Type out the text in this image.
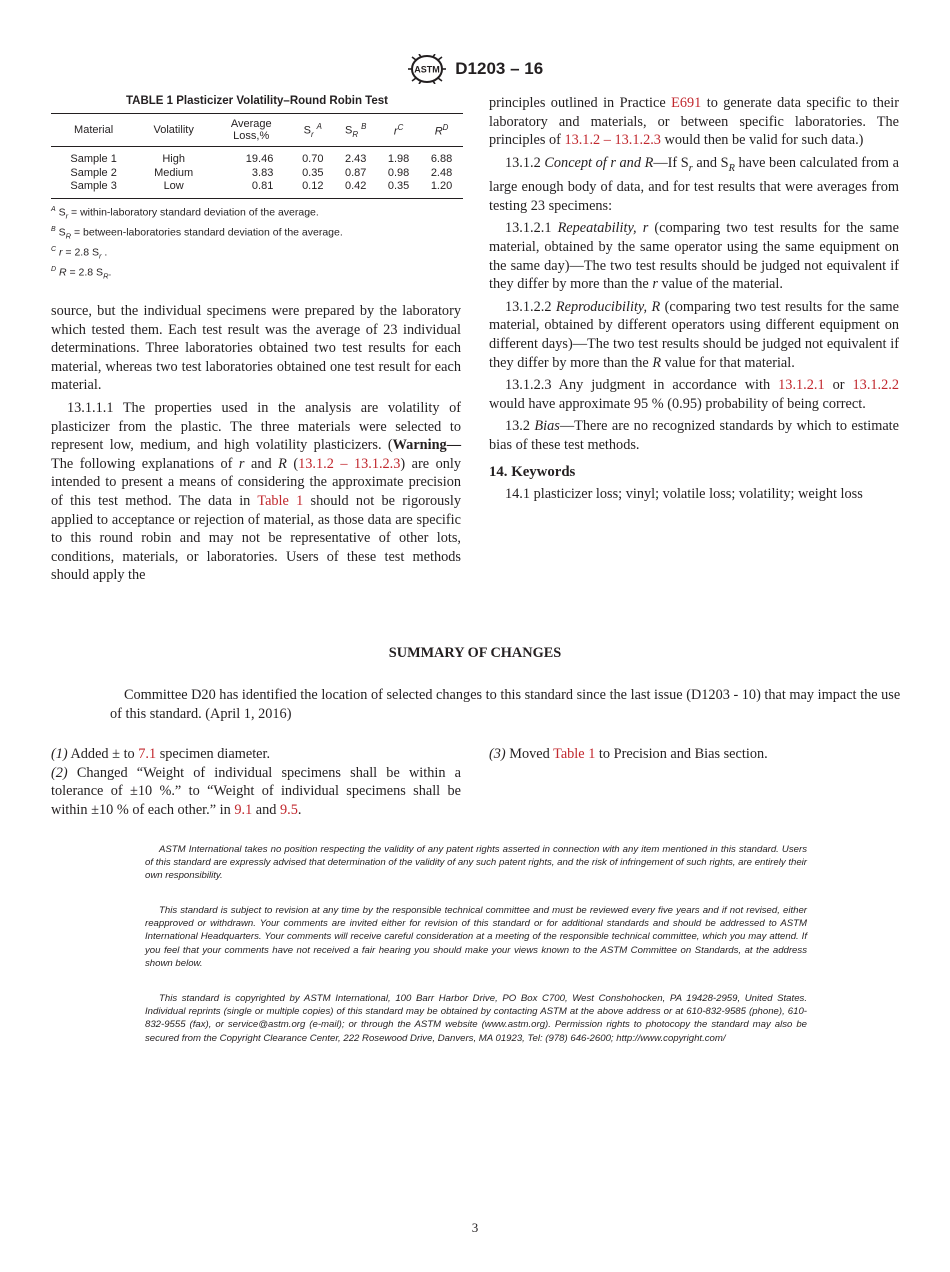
ASTM D1203 – 16
TABLE 1 Plasticizer Volatility–Round Robin Test
Material	Volatility	Average
Loss,%	$S_r$ $^A$	$S_R$ $^B$	$r^C$	$R^D$
Sample 1	High	19.46	0.70	2.43	1.98	6.88
Sample 2	Medium	3.83	0.35	0.87	0.98	2.48
Sample 3	Low	0.81	0.12	0.42	0.35	1.20
$^A$ $S_r$ = within-laboratory standard deviation of the average.
$^B$ $S_R$ = between-laboratories standard deviation of the average.
$^C$ r = 2.8 $S_r$ .
$^D$ R = 2.8 $S_R$.

source, but the individual specimens were prepared by the laboratory which tested them. Each test result was the average of 23 individual determinations. Three laboratories obtained two test results for each material, whereas two test laboratories obtained one test result for each material.

13.1.1.1 The properties used in the analysis are volatility of plasticizer from the plastic. The three materials were selected to represent low, medium, and high volatility plasticizers. (Warning—The following explanations of r and R (13.1.2 – 13.1.2.3) are only intended to present a means of considering the approximate precision of this test method. The data in Table 1 should not be rigorously applied to acceptance or rejection of material, as those data are specific to this round robin and may not be representative of other lots, conditions, materials, or laboratories. Users of these test methods should apply the

principles outlined in Practice E691 to generate data specific to their laboratory and materials, or between specific laboratories. The principles of 13.1.2 – 13.1.2.3 would then be valid for such data.)

13.1.2 Concept of r and R—If $S_r$ and $S_R$ have been calculated from a large enough body of data, and for test results that were averages from testing 23 specimens:

13.1.2.1 Repeatability, r (comparing two test results for the same material, obtained by the same operator using the same equipment on the same day)—The two test results should be judged not equivalent if they differ by more than the r value of the material.

13.1.2.2 Reproducibility, R (comparing two test results for the same material, obtained by different operators using different equipment on different days)—The two test results should be judged not equivalent if they differ by more than the R value for that material.

13.1.2.3 Any judgment in accordance with 13.1.2.1 or 13.1.2.2 would have approximate 95 % (0.95) probability of being correct.

13.2 Bias—There are no recognized standards by which to estimate bias of these test methods.

14. Keywords

14.1 plasticizer loss; vinyl; volatile loss; volatility; weight loss

SUMMARY OF CHANGES
Committee D20 has identified the location of selected changes to this standard since the last issue (D1203 - 10) that may impact the use of this standard. (April 1, 2016)
(1) Added ± to 7.1 specimen diameter.
(2) Changed “Weight of individual specimens shall be within a tolerance of ±10 %.” to “Weight of individual specimens shall be within ±10 % of each other.” in 9.1 and 9.5.
(3) Moved Table 1 to Precision and Bias section.
ASTM International takes no position respecting the validity of any patent rights asserted in connection with any item mentioned in this standard. Users of this standard are expressly advised that determination of the validity of any such patent rights, and the risk of infringement of such rights, are entirely their own responsibility.
This standard is subject to revision at any time by the responsible technical committee and must be reviewed every five years and if not revised, either reapproved or withdrawn. Your comments are invited either for revision of this standard or for additional standards and should be addressed to ASTM International Headquarters. Your comments will receive careful consideration at a meeting of the responsible technical committee, which you may attend. If you feel that your comments have not received a fair hearing you should make your views known to the ASTM Committee on Standards, at the address shown below.
This standard is copyrighted by ASTM International, 100 Barr Harbor Drive, PO Box C700, West Conshohocken, PA 19428-2959, United States. Individual reprints (single or multiple copies) of this standard may be obtained by contacting ASTM at the above address or at 610-832-9585 (phone), 610-832-9555 (fax), or service@astm.org (e-mail); or through the ASTM website (www.astm.org). Permission rights to photocopy the standard may also be secured from the Copyright Clearance Center, 222 Rosewood Drive, Danvers, MA 01923, Tel: (978) 646-2600; http://www.copyright.com/
3
